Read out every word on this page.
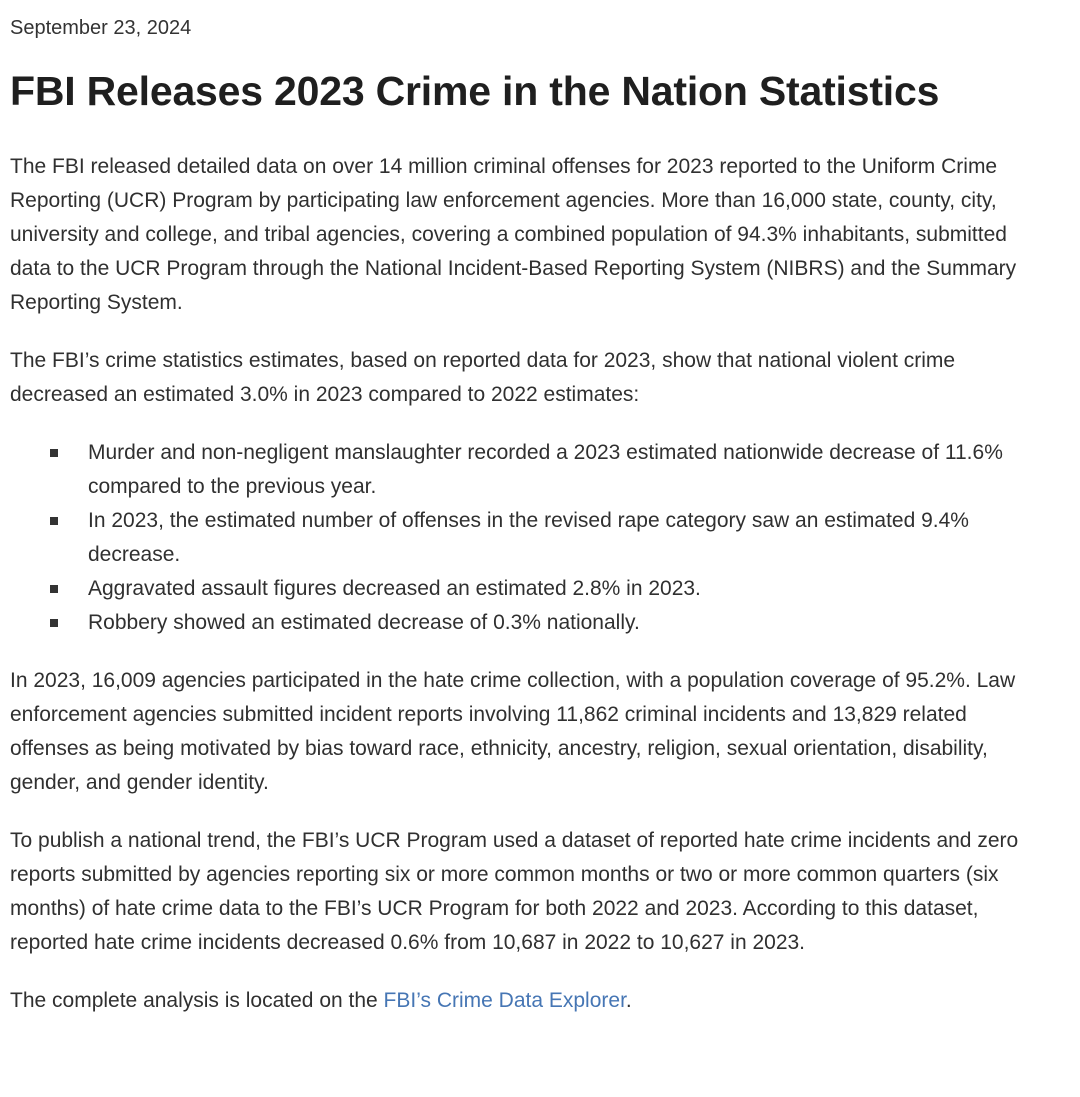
September 23, 2024
FBI Releases 2023 Crime in the Nation Statistics

The FBI released detailed data on over 14 million criminal offenses for 2023 reported to the Uniform Crime Reporting (UCR) Program by participating law enforcement agencies. More than 16,000 state, county, city, university and college, and tribal agencies, covering a combined population of 94.3% inhabitants, submitted data to the UCR Program through the National Incident-Based Reporting System (NIBRS) and the Summary Reporting System.

The FBI’s crime statistics estimates, based on reported data for 2023, show that national violent crime decreased an estimated 3.0% in 2023 compared to 2022 estimates:

Murder and non-negligent manslaughter recorded a 2023 estimated nationwide decrease of 11.6% compared to the previous year.
In 2023, the estimated number of offenses in the revised rape category saw an estimated 9.4% decrease.
Aggravated assault figures decreased an estimated 2.8% in 2023.
Robbery showed an estimated decrease of 0.3% nationally.

In 2023, 16,009 agencies participated in the hate crime collection, with a population coverage of 95.2%. Law enforcement agencies submitted incident reports involving 11,862 criminal incidents and 13,829 related offenses as being motivated by bias toward race, ethnicity, ancestry, religion, sexual orientation, disability, gender, and gender identity.

To publish a national trend, the FBI’s UCR Program used a dataset of reported hate crime incidents and zero reports submitted by agencies reporting six or more common months or two or more common quarters (six months) of hate crime data to the FBI’s UCR Program for both 2022 and 2023. According to this dataset, reported hate crime incidents decreased 0.6% from 10,687 in 2022 to 10,627 in 2023.

The complete analysis is located on the FBI’s Crime Data Explorer.
